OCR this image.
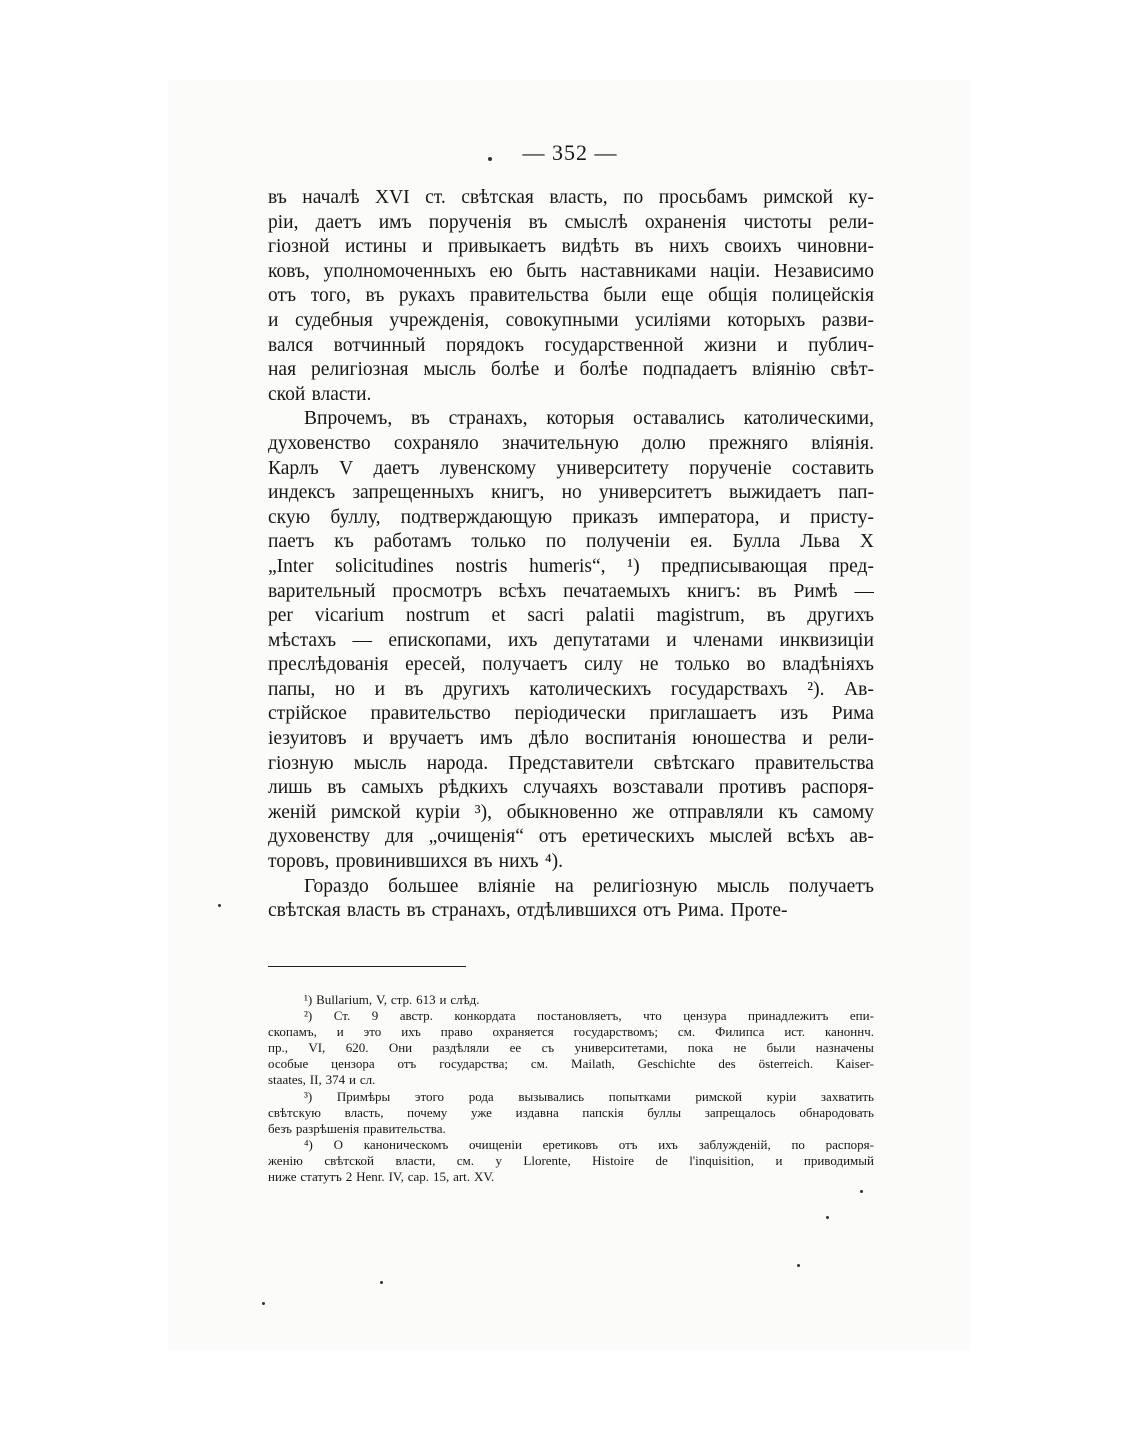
— 352 —
въ началѣ XVI ст. свѣтская власть, по просьбамъ римской ку-
ріи, даетъ имъ порученія въ смыслѣ охраненія чистоты рели-
гіозной истины и привыкаетъ видѣть въ нихъ своихъ чиновни-
ковъ, уполномоченныхъ ею быть наставниками націи. Независимо
отъ того, въ рукахъ правительства были еще общія полицейскія
и судебныя учрежденія, совокупными усиліями которыхъ разви-
вался вотчинный порядокъ государственной жизни и публич-
ная религіозная мысль болѣе и болѣе подпадаетъ вліянію свѣт-
ской власти.
Впрочемъ, въ странахъ, которыя оставались католическими,
духовенство сохраняло значительную долю прежняго вліянія.
Карлъ V даетъ лувенскому университету порученіе составить
индексъ запрещенныхъ книгъ, но университетъ выжидаетъ пап-
скую буллу, подтверждающую приказъ императора, и присту-
паетъ къ работамъ только по полученіи ея. Булла Льва X
„Inter solicitudines nostris humeris“, ¹) предписывающая пред-
варительный просмотръ всѣхъ печатаемыхъ книгъ: въ Римѣ —
per vicarium nostrum et sacri palatii magistrum, въ другихъ
мѣстахъ — епископами, ихъ депутатами и членами инквизиціи
преслѣдованія ересей, получаетъ силу не только во владѣніяхъ
папы, но и въ другихъ католическихъ государствахъ ²). Ав-
стрійское правительство періодически приглашаетъ изъ Рима
іезуитовъ и вручаетъ имъ дѣло воспитанія юношества и рели-
гіозную мысль народа. Представители свѣтскаго правительства
лишь въ самыхъ рѣдкихъ случаяхъ возставали противъ распоря-
женій римской куріи ³), обыкновенно же отправляли къ самому
духовенству для „очищенія“ отъ еретическихъ мыслей всѣхъ ав-
торовъ, провинившихся въ нихъ ⁴).
Гораздо большее вліяніе на религіозную мысль получаетъ
свѣтская власть въ странахъ, отдѣлившихся отъ Рима. Проте-
¹) Bullarium, V, стр. 613 и слѣд.
²) Ст. 9 австр. конкордата постановляетъ, что цензура принадлежитъ епи-
скопамъ, и это ихъ право охраняется государствомъ; см. Филипса ист. каноннч.
пр., VI, 620. Они раздѣляли ее съ университетами, пока не были назначены
особые цензора отъ государства; см. Mailath, Geschichte des österreich. Kaiser-
staates, II, 374 и сл.
³) Примѣры этого рода вызывались попытками римской куріи захватить
свѣтскую власть, почему уже издавна папскія буллы запрещалось обнародовать
безъ разрѣшенія правительства.
⁴) О каноническомъ очищеніи еретиковъ отъ ихъ заблужденій, по распоря-
женію свѣтской власти, см. у Llorente, Histoire de l'inquisition, и приводимый
ниже статутъ 2 Henr. IV, cap. 15, art. XV.
